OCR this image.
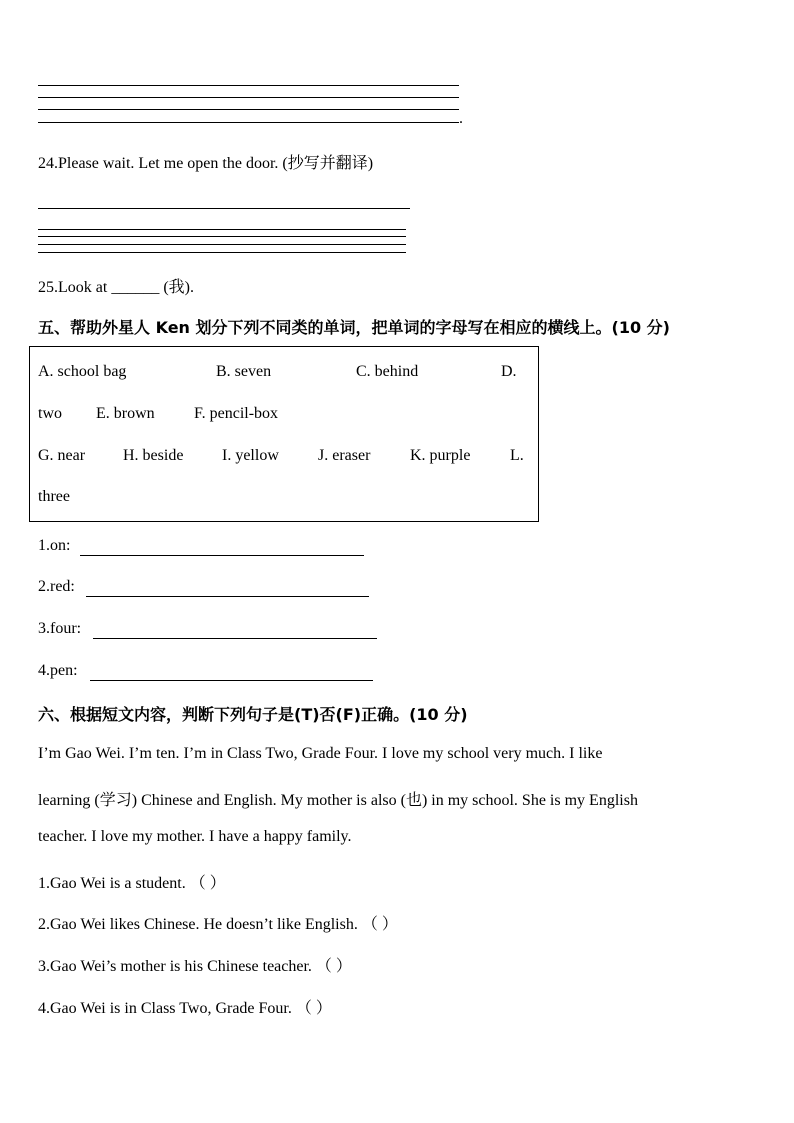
.
24.Please wait. Let me open the door. (抄写并翻译)
25.Look at ______ (我).
五、帮助外星人 Ken 划分下列不同类的单词，把单词的字母写在相应的横线上。(10 分)
A. school bag	B. seven	C. behind	D.
two E. brown F. pencil-box
G. near H. beside I. yellow J. eraser K. purple L.
three
1.on:
2.red:
3.four:
4.pen:
六、根据短文内容，判断下列句子是(T)否(F)正确。(10 分)
I’m Gao Wei. I’m ten. I’m in Class Two, Grade Four. I love my school very much. I like
learning (学习) Chinese and English. My mother is also (也) in my school. She is my English
teacher. I love my mother. I have a happy family.
1.Gao Wei is a student. （ ）
2.Gao Wei likes Chinese. He doesn’t like English. （ ）
3.Gao Wei’s mother is his Chinese teacher. （ ）
4.Gao Wei is in Class Two, Grade Four. （ ）
